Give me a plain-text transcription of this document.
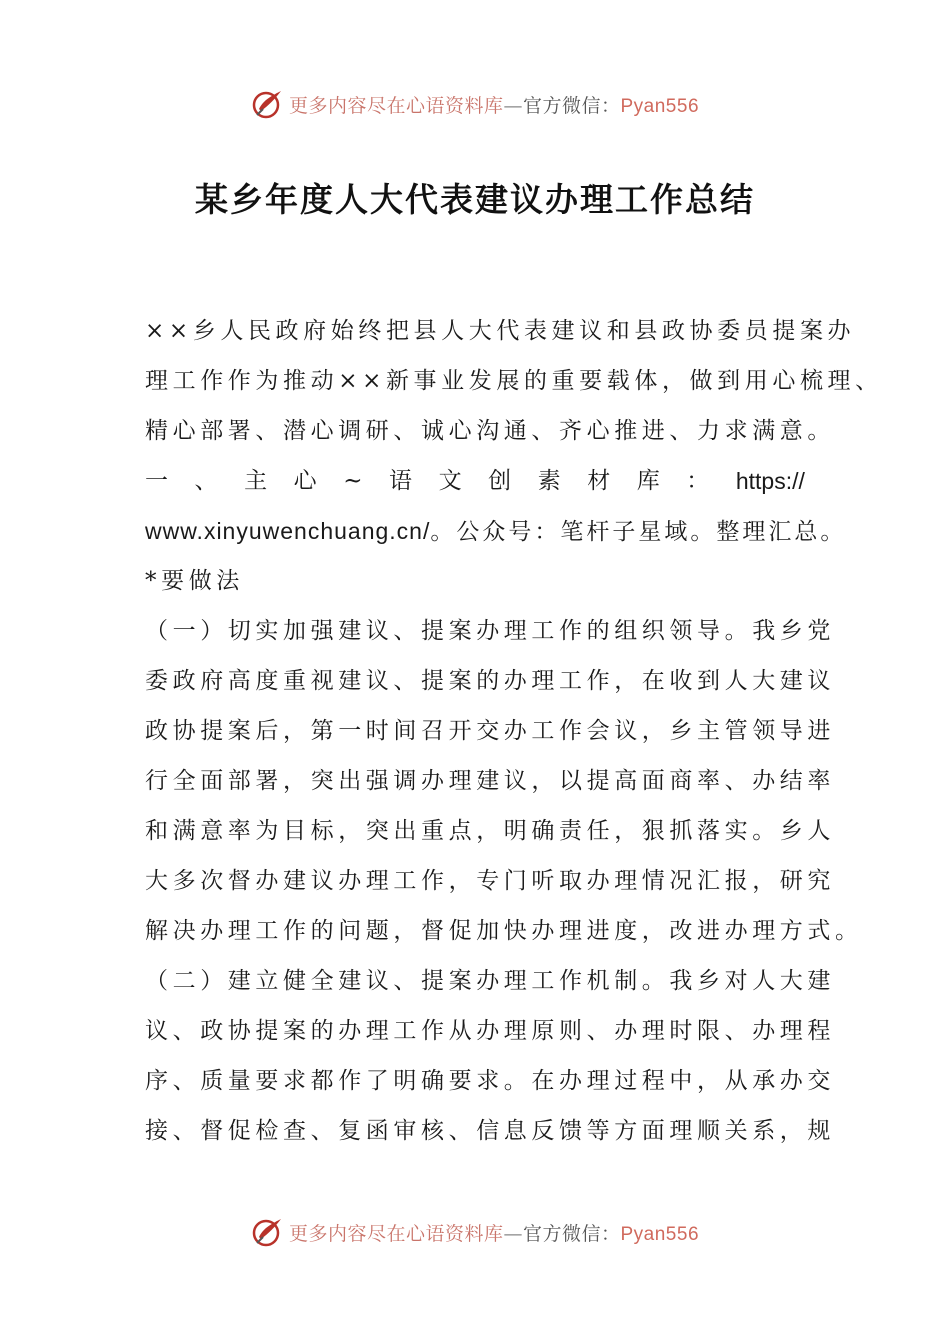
更多内容尽在心语资料库—官方微信：Pyan556
某乡年度人大代表建议办理工作总结
××乡人民政府始终把县人大代表建议和县政协委员提案办
理工作作为推动××新事业发展的重要载体，做到用心梳理、
精心部署、潜心调研、诚心沟通、齐心推进、力求满意。
一 、 主 心 ~ 语 文 创 素 材 库 ： https://
www.xinyuwenchuang.cn/。公众号：笔杆子星域。整理汇总。
*要做法
（一）切实加强建议、提案办理工作的组织领导。我乡党
委政府高度重视建议、提案的办理工作，在收到人大建议
政协提案后，第一时间召开交办工作会议，乡主管领导进
行全面部署，突出强调办理建议，以提高面商率、办结率
和满意率为目标，突出重点，明确责任，狠抓落实。乡人
大多次督办建议办理工作，专门听取办理情况汇报，研究
解决办理工作的问题，督促加快办理进度，改进办理方式。
（二）建立健全建议、提案办理工作机制。我乡对人大建
议、政协提案的办理工作从办理原则、办理时限、办理程
序、质量要求都作了明确要求。在办理过程中，从承办交
接、督促检查、复函审核、信息反馈等方面理顺关系，规
更多内容尽在心语资料库—官方微信：Pyan556
